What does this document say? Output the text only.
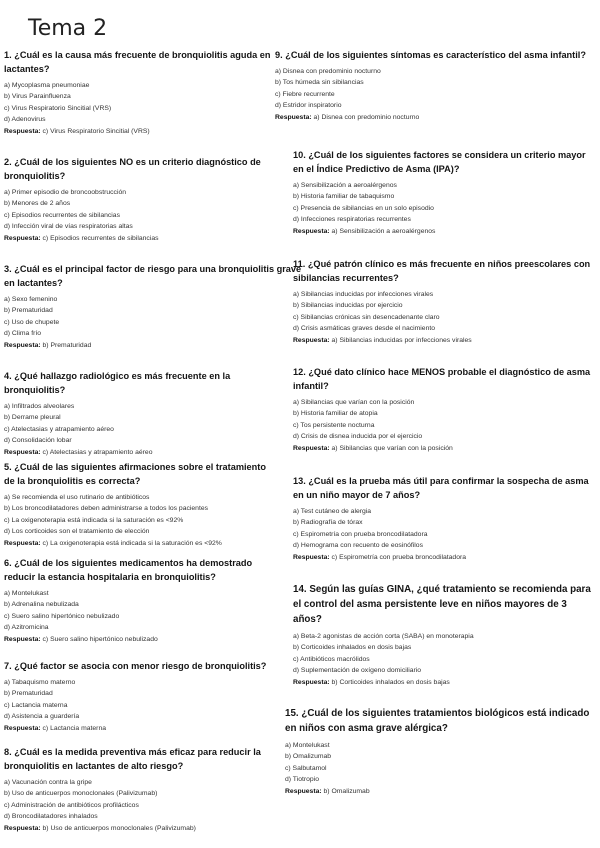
Tema 2
1. ¿Cuál es la causa más frecuente de bronquiolitis aguda en lactantes?
a) Mycoplasma pneumoniae
b) Virus Parainfluenza
c) Virus Respiratorio Sincitial (VRS)
d) Adenovirus
Respuesta: c) Virus Respiratorio Sincitial (VRS)
2. ¿Cuál de los siguientes NO es un criterio diagnóstico de bronquiolitis?
a) Primer episodio de broncoobstrucción
b) Menores de 2 años
c) Episodios recurrentes de sibilancias
d) Infección viral de vías respiratorias altas
Respuesta: c) Episodios recurrentes de sibilancias
3. ¿Cuál es el principal factor de riesgo para una bronquiolitis grave en lactantes?
a) Sexo femenino
b) Prematuridad
c) Uso de chupete
d) Clima frío
Respuesta: b) Prematuridad
4. ¿Qué hallazgo radiológico es más frecuente en la bronquiolitis?
a) Infiltrados alveolares
b) Derrame pleural
c) Atelectasias y atrapamiento aéreo
d) Consolidación lobar
Respuesta: c) Atelectasias y atrapamiento aéreo
5. ¿Cuál de las siguientes afirmaciones sobre el tratamiento de la bronquiolitis es correcta?
a) Se recomienda el uso rutinario de antibióticos
b) Los broncodilatadores deben administrarse a todos los pacientes
c) La oxigenoterapia está indicada si la saturación es <92%
d) Los corticoides son el tratamiento de elección
Respuesta: c) La oxigenoterapia está indicada si la saturación es <92%
6. ¿Cuál de los siguientes medicamentos ha demostrado reducir la estancia hospitalaria en bronquiolitis?
a) Montelukast
b) Adrenalina nebulizada
c) Suero salino hipertónico nebulizado
d) Azitromicina
Respuesta: c) Suero salino hipertónico nebulizado
7. ¿Qué factor se asocia con menor riesgo de bronquiolitis?
a) Tabaquismo materno
b) Prematuridad
c) Lactancia materna
d) Asistencia a guardería
Respuesta: c) Lactancia materna
8. ¿Cuál es la medida preventiva más eficaz para reducir la bronquiolitis en lactantes de alto riesgo?
a) Vacunación contra la gripe
b) Uso de anticuerpos monoclonales (Palivizumab)
c) Administración de antibióticos profilácticos
d) Broncodilatadores inhalados
Respuesta: b) Uso de anticuerpos monoclonales (Palivizumab)
9. ¿Cuál de los siguientes síntomas es característico del asma infantil?
a) Disnea con predominio nocturno
b) Tos húmeda sin sibilancias
c) Fiebre recurrente
d) Estridor inspiratorio
Respuesta: a) Disnea con predominio nocturno
10. ¿Cuál de los siguientes factores se considera un criterio mayor en el Índice Predictivo de Asma (IPA)?
a) Sensibilización a aeroalérgenos
b) Historia familiar de tabaquismo
c) Presencia de sibilancias en un solo episodio
d) Infecciones respiratorias recurrentes
Respuesta: a) Sensibilización a aeroalérgenos
11. ¿Qué patrón clínico es más frecuente en niños preescolares con sibilancias recurrentes?
a) Sibilancias inducidas por infecciones virales
b) Sibilancias inducidas por ejercicio
c) Sibilancias crónicas sin desencadenante claro
d) Crisis asmáticas graves desde el nacimiento
Respuesta: a) Sibilancias inducidas por infecciones virales
12. ¿Qué dato clínico hace MENOS probable el diagnóstico de asma infantil?
a) Sibilancias que varían con la posición
b) Historia familiar de atopia
c) Tos persistente nocturna
d) Crisis de disnea inducida por el ejercicio
Respuesta: a) Sibilancias que varían con la posición
13. ¿Cuál es la prueba más útil para confirmar la sospecha de asma en un niño mayor de 7 años?
a) Test cutáneo de alergia
b) Radiografía de tórax
c) Espirometría con prueba broncodilatadora
d) Hemograma con recuento de eosinófilos
Respuesta: c) Espirometría con prueba broncodilatadora
14. Según las guías GINA, ¿qué tratamiento se recomienda para el control del asma persistente leve en niños mayores de 3 años?
a) Beta-2 agonistas de acción corta (SABA) en monoterapia
b) Corticoides inhalados en dosis bajas
c) Antibióticos macrólidos
d) Suplementación de oxígeno domiciliario
Respuesta: b) Corticoides inhalados en dosis bajas
15. ¿Cuál de los siguientes tratamientos biológicos está indicado en niños con asma grave alérgica?
a) Montelukast
b) Omalizumab
c) Salbutamol
d) Tiotropio
Respuesta: b) Omalizumab
